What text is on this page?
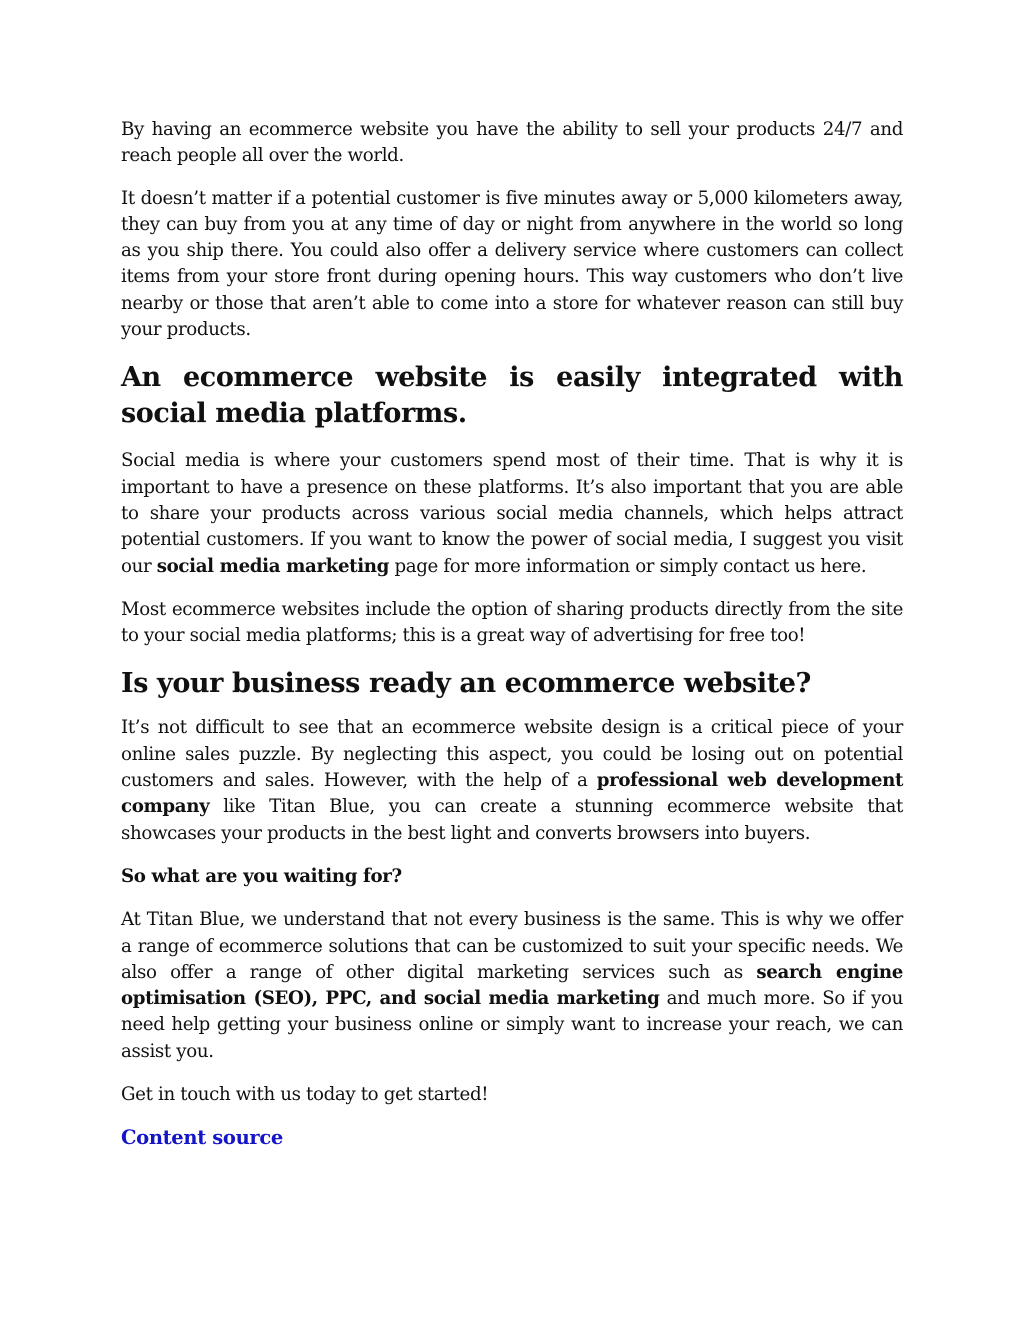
By having an ecommerce website you have the ability to sell your products 24/7 and reach people all over the world.

It doesn’t matter if a potential customer is five minutes away or 5,000 kilometers away, they can buy from you at any time of day or night from anywhere in the world so long as you ship there. You could also offer a delivery service where customers can collect items from your store front during opening hours. This way customers who don’t live nearby or those that aren’t able to come into a store for whatever reason can still buy your products.

An ecommerce website is easily integrated with social media platforms.

Social media is where your customers spend most of their time. That is why it is important to have a presence on these platforms. It’s also important that you are able to share your products across various social media channels, which helps attract potential customers. If you want to know the power of social media, I suggest you visit our social media marketing page for more information or simply contact us here.

Most ecommerce websites include the option of sharing products directly from the site to your social media platforms; this is a great way of advertising for free too!

Is your business ready an ecommerce website?

It’s not difficult to see that an ecommerce website design is a critical piece of your online sales puzzle. By neglecting this aspect, you could be losing out on potential customers and sales. However, with the help of a professional web development company like Titan Blue, you can create a stunning ecommerce website that showcases your products in the best light and converts browsers into buyers.

So what are you waiting for?

At Titan Blue, we understand that not every business is the same. This is why we offer a range of ecommerce solutions that can be customized to suit your specific needs. We also offer a range of other digital marketing services such as search engine optimisation (SEO), PPC, and social media marketing and much more. So if you need help getting your business online or simply want to increase your reach, we can assist you.

Get in touch with us today to get started!

Content source
